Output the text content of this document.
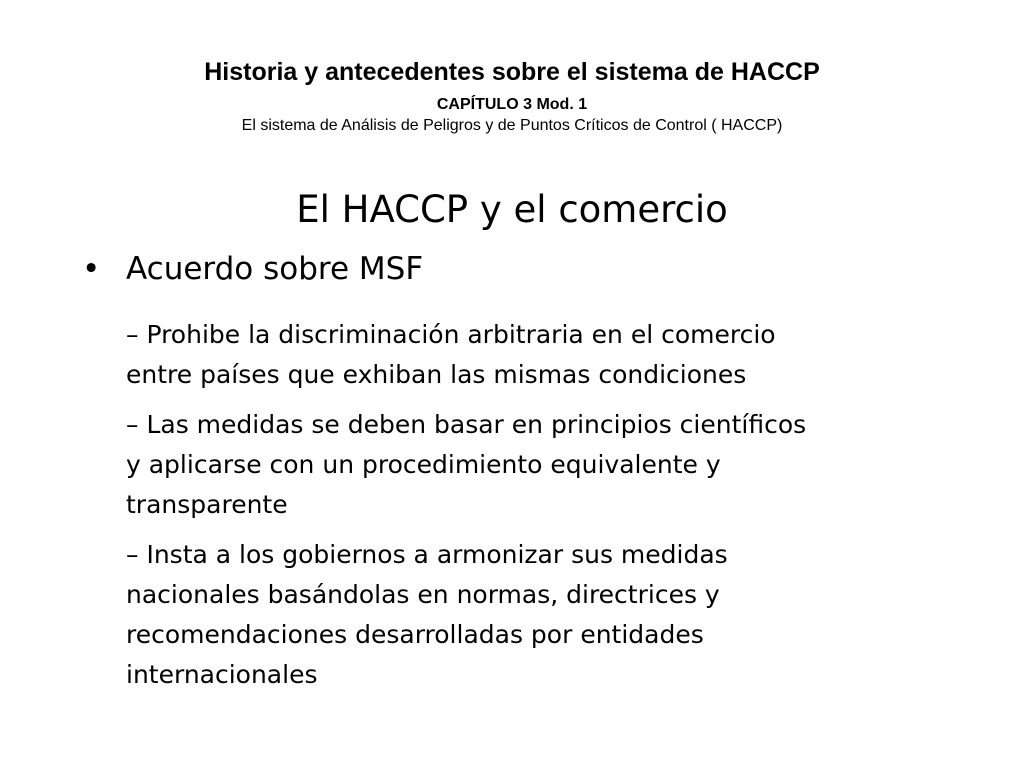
Historia y antecedentes sobre el sistema de HACCP
CAPÍTULO 3 Mod. 1
El sistema de Análisis de Peligros y de Puntos Críticos de Control ( HACCP)
El HACCP y el comercio
• Acuerdo sobre MSF

– Prohibe la discriminación arbitraria en el comercio entre países que exhiban las mismas condiciones

– Las medidas se deben basar en principios científicos y aplicarse con un procedimiento equivalente y transparente

– Insta a los gobiernos a armonizar sus medidas nacionales basándolas en normas, directrices y recomendaciones desarrolladas por entidades internacionales
